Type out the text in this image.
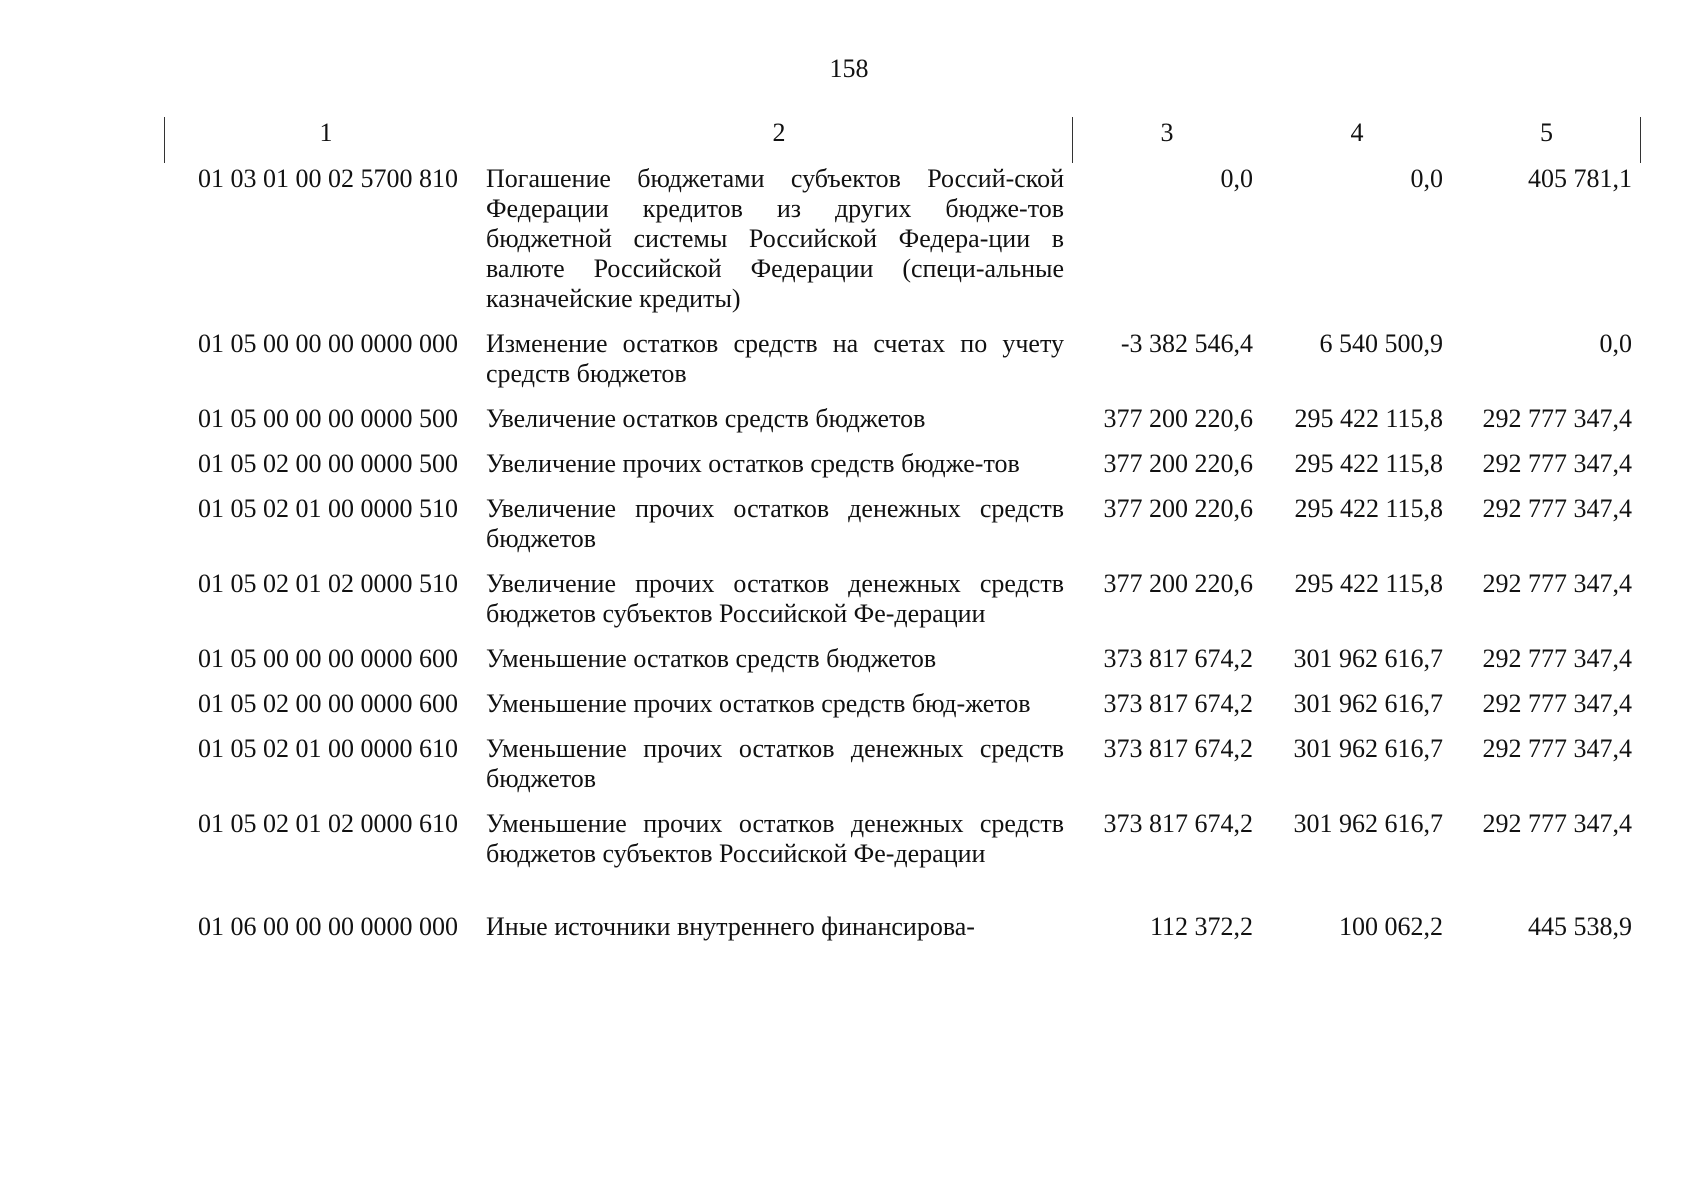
158
1	2	3	4	5
01 03 01 00 02 5700 810	Погашение бюджетами субъектов Россий-ской Федерации кредитов из других бюдже-тов бюджетной системы Российской Федера-ции в валюте Российской Федерации (специ-альные казначейские кредиты)	0,0	0,0	405 781,1
01 05 00 00 00 0000 000	Изменение остатков средств на счетах по учету средств бюджетов	-3 382 546,4	6 540 500,9	0,0
01 05 00 00 00 0000 500	Увеличение остатков средств бюджетов	377 200 220,6	295 422 115,8	292 777 347,4
01 05 02 00 00 0000 500	Увеличение прочих остатков средств бюдже-тов	377 200 220,6	295 422 115,8	292 777 347,4
01 05 02 01 00 0000 510	Увеличение прочих остатков денежных средств бюджетов	377 200 220,6	295 422 115,8	292 777 347,4
01 05 02 01 02 0000 510	Увеличение прочих остатков денежных средств бюджетов субъектов Российской Фе-дерации	377 200 220,6	295 422 115,8	292 777 347,4
01 05 00 00 00 0000 600	Уменьшение остатков средств бюджетов	373 817 674,2	301 962 616,7	292 777 347,4
01 05 02 00 00 0000 600	Уменьшение прочих остатков средств бюд-жетов	373 817 674,2	301 962 616,7	292 777 347,4
01 05 02 01 00 0000 610	Уменьшение прочих остатков денежных средств бюджетов	373 817 674,2	301 962 616,7	292 777 347,4
01 05 02 01 02 0000 610	Уменьшение прочих остатков денежных средств бюджетов субъектов Российской Фе-дерации	373 817 674,2	301 962 616,7	292 777 347,4
01 06 00 00 00 0000 000	Иные источники внутреннего финансирова-	112 372,2	100 062,2	445 538,9
